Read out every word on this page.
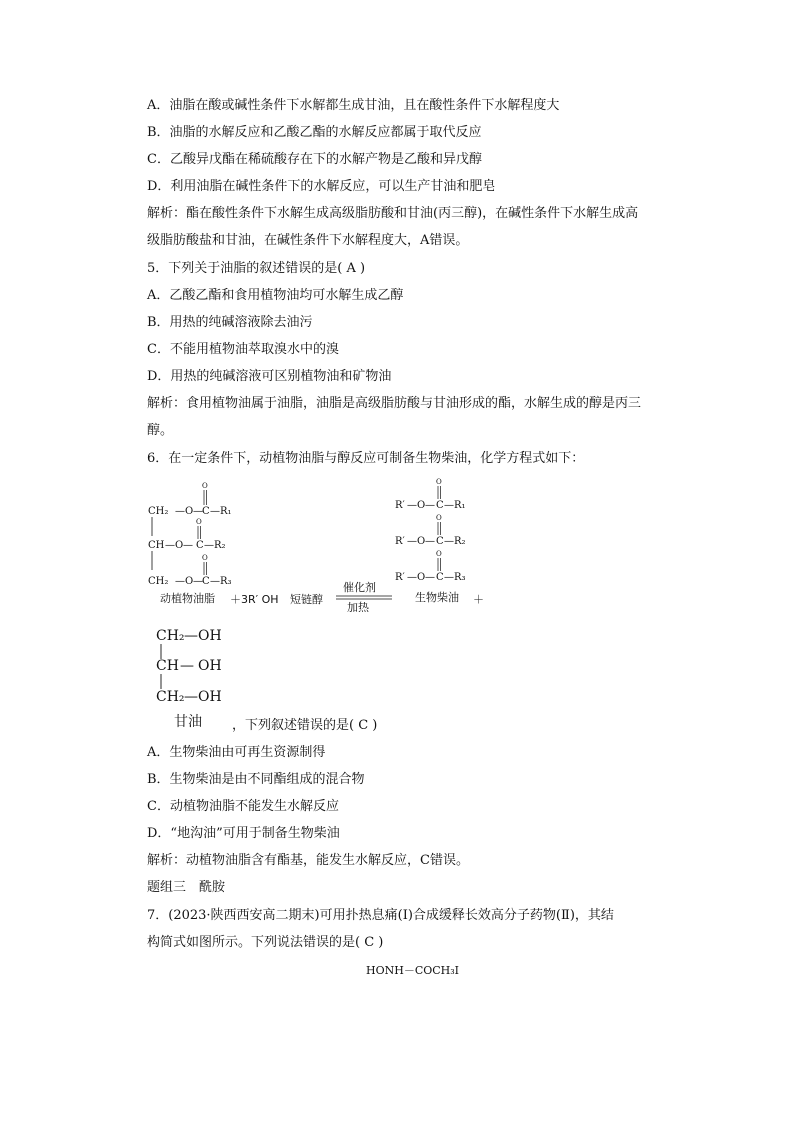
A．油脂在酸或碱性条件下水解都生成甘油，且在酸性条件下水解程度大
B．油脂的水解反应和乙酸乙酯的水解反应都属于取代反应
C．乙酸异戊酯在稀硫酸存在下的水解产物是乙酸和异戊醇
D．利用油脂在碱性条件下的水解反应，可以生产甘油和肥皂
解析：酯在酸性条件下水解生成高级脂肪酸和甘油(丙三醇)，在碱性条件下水解生成高
级脂肪酸盐和甘油，在碱性条件下水解程度大，A错误。
5．下列关于油脂的叙述错误的是( A )
A．乙酸乙酯和食用植物油均可水解生成乙醇
B．用热的纯碱溶液除去油污
C．不能用植物油萃取溴水中的溴
D．用热的纯碱溶液可区别植物油和矿物油
解析：食用植物油属于油脂，油脂是高级脂肪酸与甘油形成的酯，水解生成的醇是丙三
醇。
6．在一定条件下，动植物油脂与醇反应可制备生物柴油，化学方程式如下：
CH₂ — O — C — R₁
O
CH — O — C — R₂
O
CH₂ — O — C — R₃
O
动植物油脂 ＋3R′ OH 短链醇
催化剂
加热
R′ — O — C — R₁
O
R′ — O — C — R₂
O
R′ — O — C — R₃
O
生物柴油 ＋
CH₂ — OH
CH — OH
CH₂ — OH
甘油 ，下列叙述错误的是( C )
A．生物柴油由可再生资源制得
B．生物柴油是由不同酯组成的混合物
C．动植物油脂不能发生水解反应
D．“地沟油”可用于制备生物柴油
解析：动植物油脂含有酯基，能发生水解反应，C错误。
题组三　酰胺
7．(2023·陕西西安高二期末)可用扑热息痛(Ⅰ)合成缓释长效高分子药物(Ⅱ)，其结
构简式如图所示。下列说法错误的是( C )
HONH－COCH₃Ⅰ
